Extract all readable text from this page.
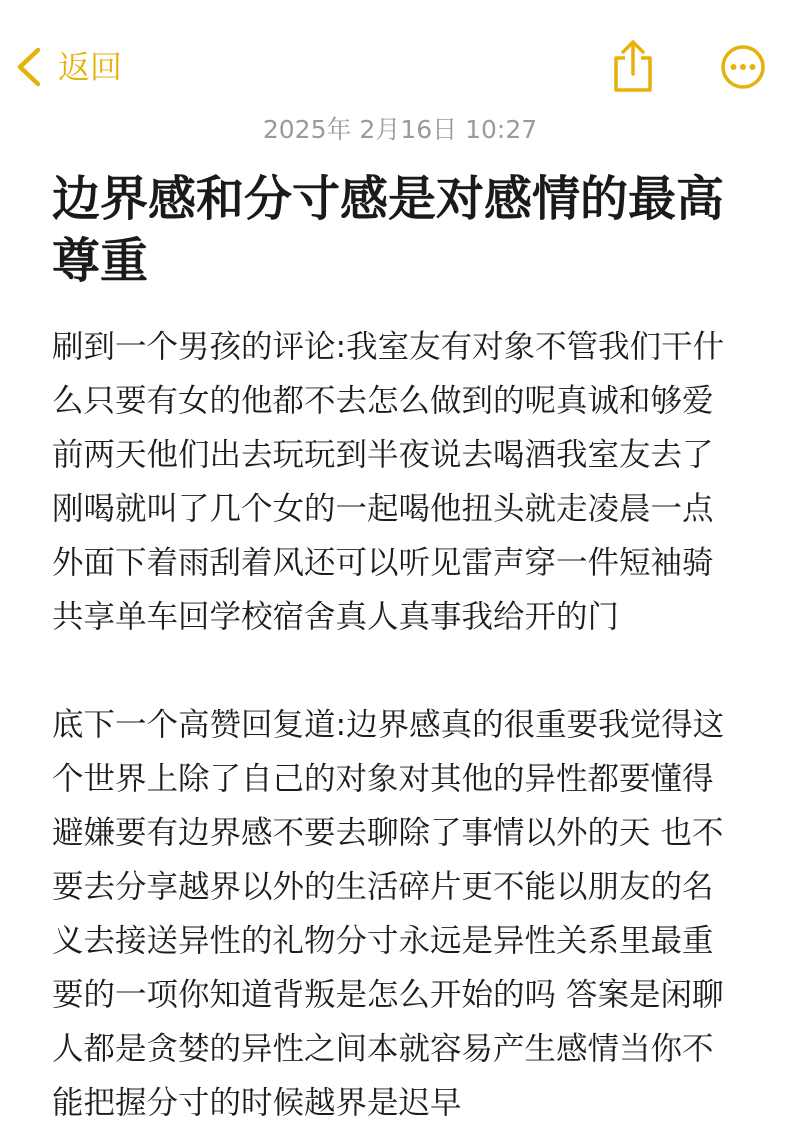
返回
2025年 2月16日 10:27
边界感和分寸感是对感情的最高尊重

刷到一个男孩的评论:我室友有对象不管我们干什么只要有女的他都不去怎么做到的呢真诚和够爱前两天他们出去玩玩到半夜说去喝酒我室友去了 刚喝就叫了几个女的一起喝他扭头就走凌晨一点外面下着雨刮着风还可以听见雷声穿一件短袖骑共享单车回学校宿舍真人真事我给开的门

底下一个高赞回复道:边界感真的很重要我觉得这个世界上除了自己的对象对其他的异性都要懂得避嫌要有边界感不要去聊除了事情以外的天 也不要去分享越界以外的生活碎片更不能以朋友的名义去接送异性的礼物分寸永远是异性关系里最重要的一项你知道背叛是怎么开始的吗 答案是闲聊人都是贪婪的异性之间本就容易产生感情当你不能把握分寸的时候越界是迟早
